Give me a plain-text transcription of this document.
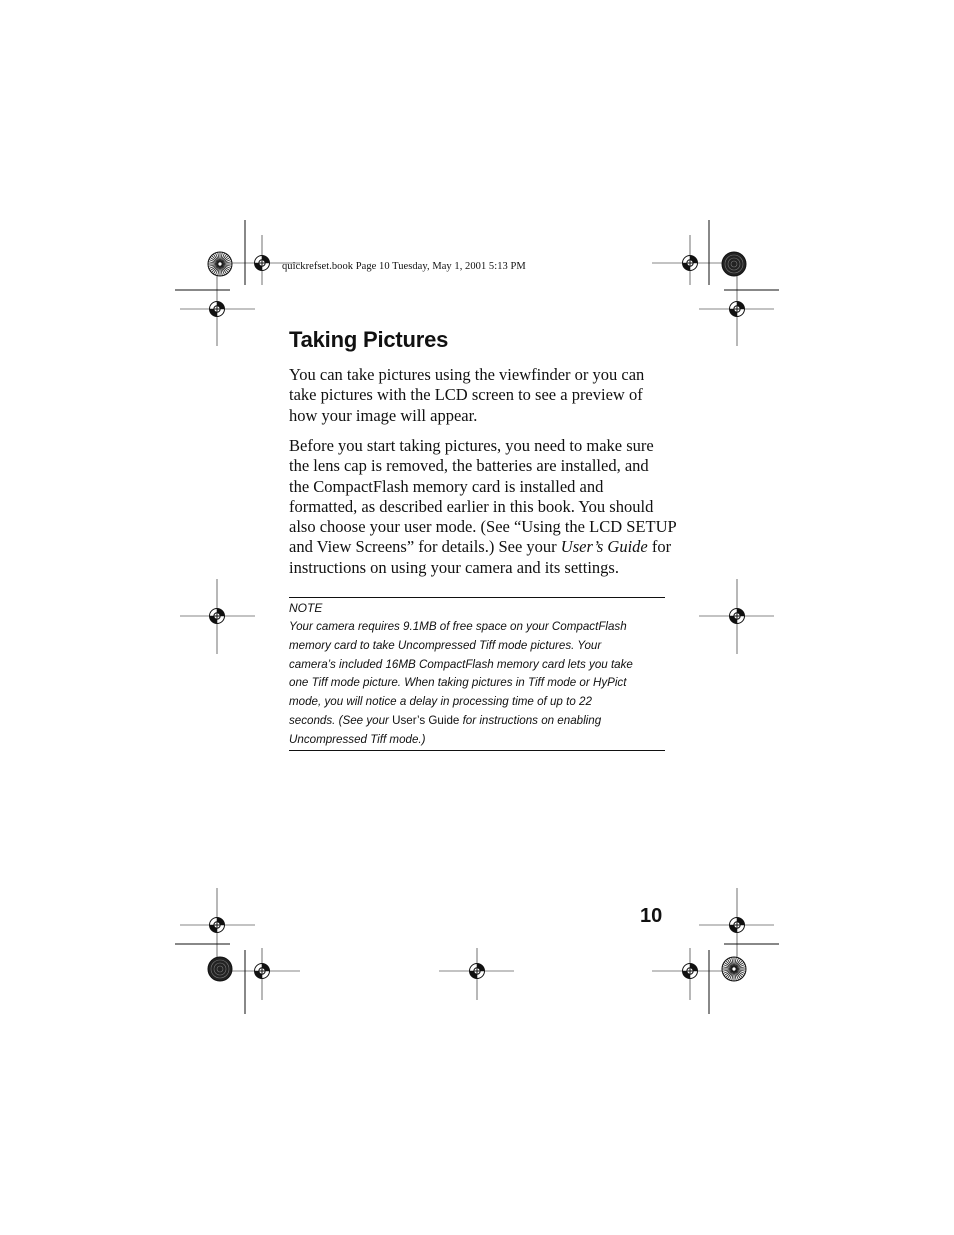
quickrefset.book Page 10 Tuesday, May 1, 2001 5:13 PM
Taking Pictures
You can take pictures using the viewfinder or you can
take pictures with the LCD screen to see a preview of
how your image will appear.
Before you start taking pictures, you need to make sure
the lens cap is removed, the batteries are installed, and
the CompactFlash memory card is installed and
formatted, as described earlier in this book. You should
also choose your user mode. (See “Using the LCD SETUP
and View Screens” for details.) See your User’s Guide for
instructions on using your camera and its settings.
NOTE
Your camera requires 9.1MB of free space on your CompactFlash
memory card to take Uncompressed Tiff mode pictures. Your
camera’s included 16MB CompactFlash memory card lets you take
one Tiff mode picture. When taking pictures in Tiff mode or HyPict
mode, you will notice a delay in processing time of up to 22
seconds. (See your User’s Guide for instructions on enabling
Uncompressed Tiff mode.)
10
